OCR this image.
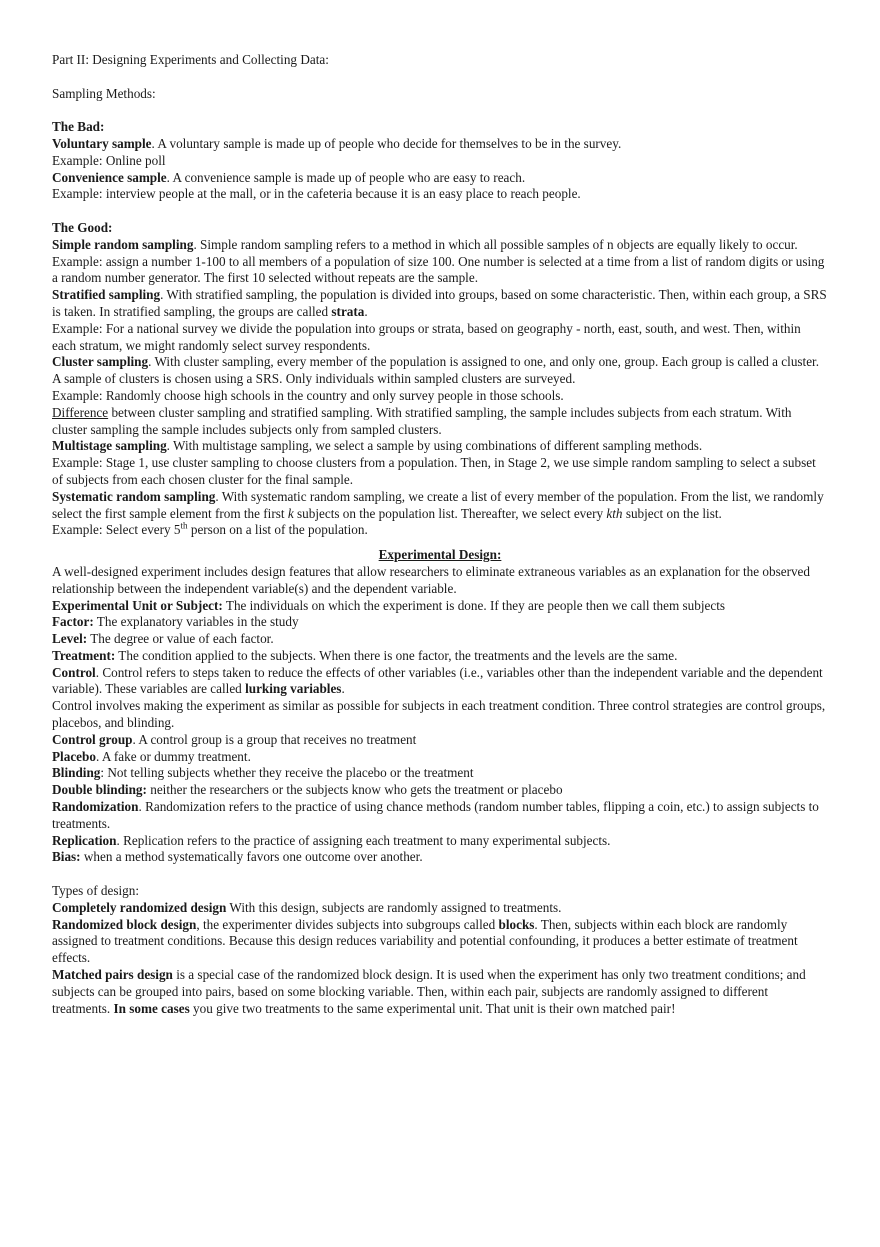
Part II: Designing Experiments and Collecting Data:

Sampling Methods:

The Bad:

Voluntary sample. A voluntary sample is made up of people who decide for themselves to be in the survey.

Example: Online poll

Convenience sample. A convenience sample is made up of people who are easy to reach.

Example: interview people at the mall, or in the cafeteria because it is an easy place to reach people.

The Good:

Simple random sampling. Simple random sampling refers to a method in which all possible samples of n objects are equally likely to occur.

Example: assign a number 1-100 to all members of a population of size 100. One number is selected at a time from a list of random digits or using a random number generator. The first 10 selected without repeats are the sample.

Stratified sampling. With stratified sampling, the population is divided into groups, based on some characteristic. Then, within each group, a SRS is taken. In stratified sampling, the groups are called strata.

Example: For a national survey we divide the population into groups or strata, based on geography - north, east, south, and west. Then, within each stratum, we might randomly select survey respondents.

Cluster sampling. With cluster sampling, every member of the population is assigned to one, and only one, group. Each group is called a cluster. A sample of clusters is chosen using a SRS. Only individuals within sampled clusters are surveyed.

Example: Randomly choose high schools in the country and only survey people in those schools.

Difference between cluster sampling and stratified sampling. With stratified sampling, the sample includes subjects from each stratum. With cluster sampling the sample includes subjects only from sampled clusters.

Multistage sampling. With multistage sampling, we select a sample by using combinations of different sampling methods.

Example: Stage 1, use cluster sampling to choose clusters from a population. Then, in Stage 2, we use simple random sampling to select a subset of subjects from each chosen cluster for the final sample.

Systematic random sampling. With systematic random sampling, we create a list of every member of the population. From the list, we randomly select the first sample element from the first k subjects on the population list. Thereafter, we select every kth subject on the list.

Example: Select every 5th person on a list of the population.

Experimental Design:

A well-designed experiment includes design features that allow researchers to eliminate extraneous variables as an explanation for the observed relationship between the independent variable(s) and the dependent variable.

Experimental Unit or Subject: The individuals on which the experiment is done. If they are people then we call them subjects

Factor: The explanatory variables in the study

Level: The degree or value of each factor.

Treatment: The condition applied to the subjects. When there is one factor, the treatments and the levels are the same.

Control. Control refers to steps taken to reduce the effects of other variables (i.e., variables other than the independent variable and the dependent variable). These variables are called lurking variables.

Control involves making the experiment as similar as possible for subjects in each treatment condition. Three control strategies are control groups, placebos, and blinding.

Control group. A control group is a group that receives no treatment

Placebo. A fake or dummy treatment.

Blinding: Not telling subjects whether they receive the placebo or the treatment

Double blinding: neither the researchers or the subjects know who gets the treatment or placebo

Randomization. Randomization refers to the practice of using chance methods (random number tables, flipping a coin, etc.) to assign subjects to treatments.

Replication. Replication refers to the practice of assigning each treatment to many experimental subjects.

Bias: when a method systematically favors one outcome over another.

Types of design:

Completely randomized design With this design, subjects are randomly assigned to treatments.

Randomized block design, the experimenter divides subjects into subgroups called blocks. Then, subjects within each block are randomly assigned to treatment conditions. Because this design reduces variability and potential confounding, it produces a better estimate of treatment effects.

Matched pairs design is a special case of the randomized block design. It is used when the experiment has only two treatment conditions; and subjects can be grouped into pairs, based on some blocking variable. Then, within each pair, subjects are randomly assigned to different treatments. In some cases you give two treatments to the same experimental unit. That unit is their own matched pair!
